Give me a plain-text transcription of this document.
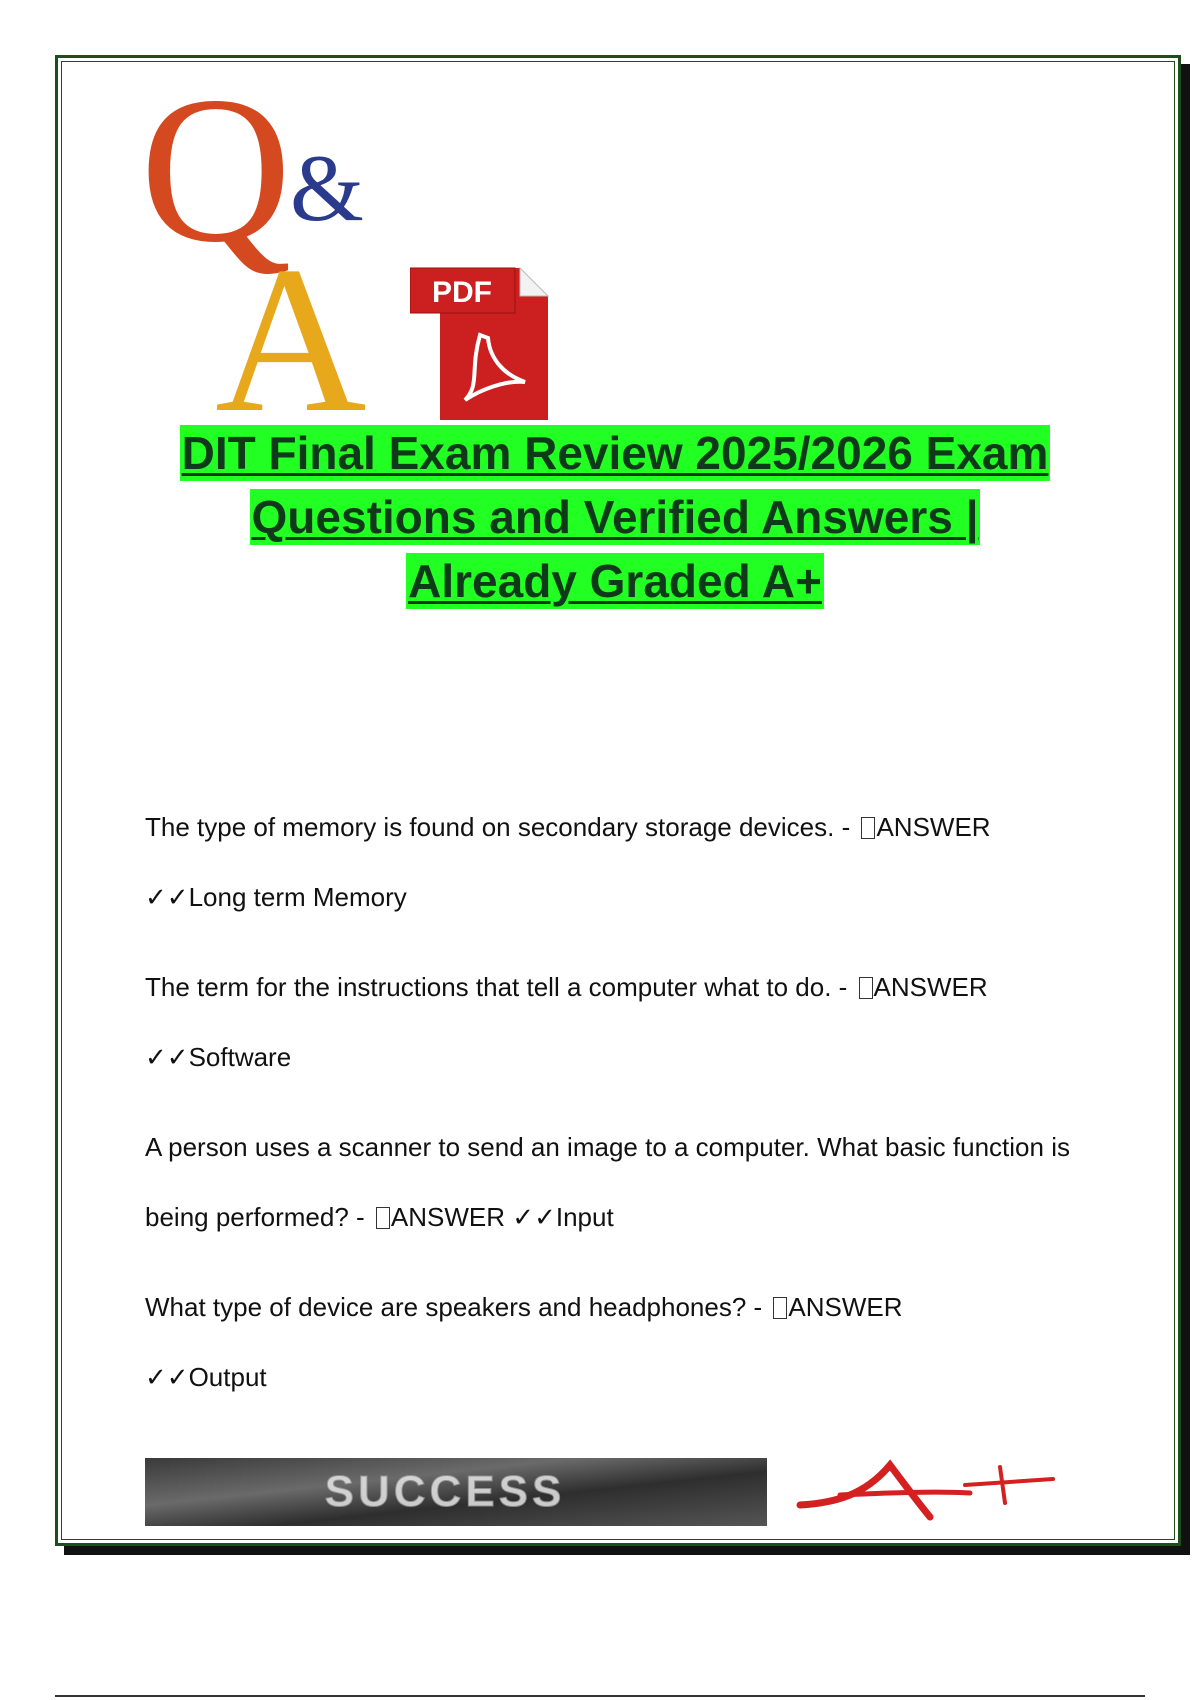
Q
&
A PDF
DIT Final Exam Review 2025/2026 Exam
Questions and Verified Answers |
Already Graded A+
The type of memory is found on secondary storage devices. - ANSWER
✓✓Long term Memory
The term for the instructions that tell a computer what to do. - ANSWER
✓✓Software
A person uses a scanner to send an image to a computer. What basic function is being performed? - ANSWER ✓✓Input
What type of device are speakers and headphones? - ANSWER
✓✓Output
SUCCESS
